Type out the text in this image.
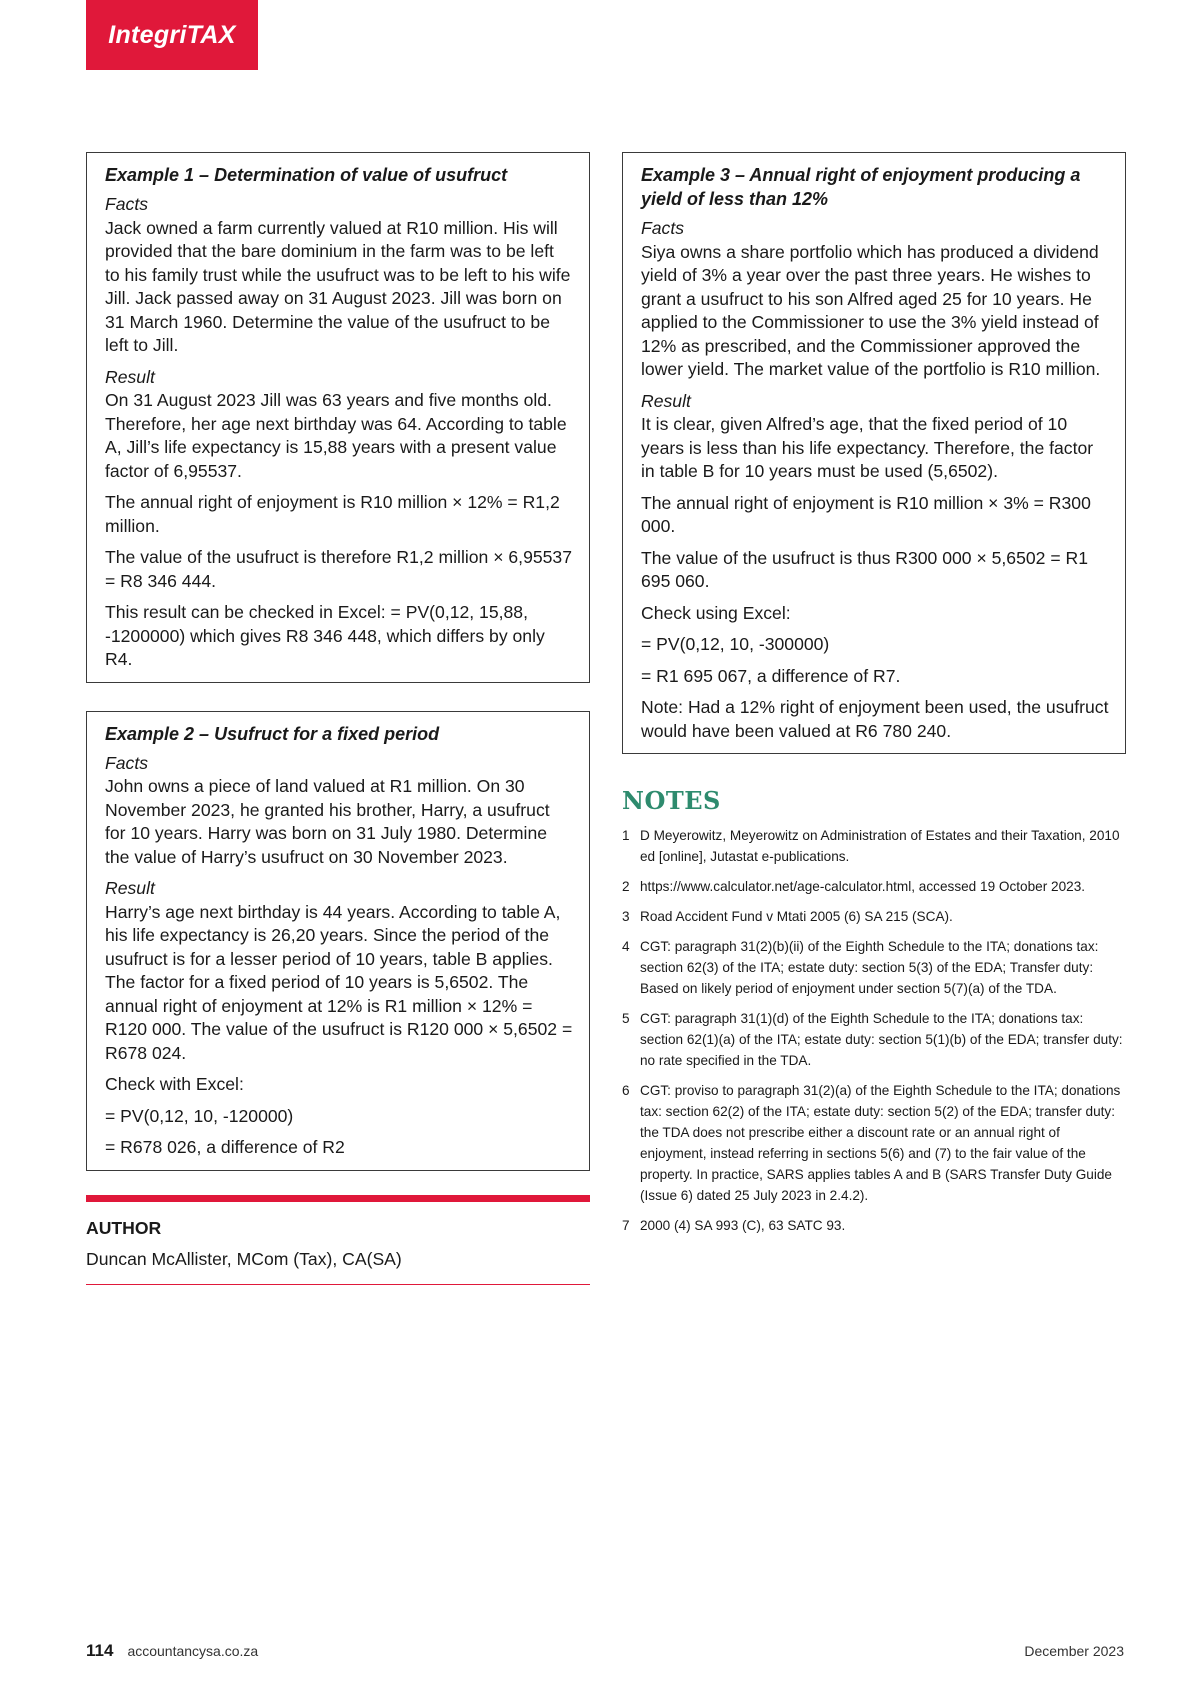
IntegriTAX
Example 1 – Determination of value of usufruct
Facts

Jack owned a farm currently valued at R10 million. His will provided that the bare dominium in the farm was to be left to his family trust while the usufruct was to be left to his wife Jill. Jack passed away on 31 August 2023. Jill was born on 31 March 1960. Determine the value of the usufruct to be left to Jill.

Result

On 31 August 2023 Jill was 63 years and five months old. Therefore, her age next birthday was 64. According to table A, Jill’s life expectancy is 15,88 years with a present value factor of 6,95537.

The annual right of enjoyment is R10 million × 12% = R1,2 million.

The value of the usufruct is therefore R1,2 million × 6,95537 = R8 346 444.

This result can be checked in Excel: = PV(0,12, 15,88, -1200000) which gives R8 346 448, which differs by only R4.

Example 2 – Usufruct for a fixed period
Facts

John owns a piece of land valued at R1 million. On 30 November 2023, he granted his brother, Harry, a usufruct for 10 years. Harry was born on 31 July 1980. Determine the value of Harry’s usufruct on 30 November 2023.

Result

Harry’s age next birthday is 44 years. According to table A, his life expectancy is 26,20 years. Since the period of the usufruct is for a lesser period of 10 years, table B applies. The factor for a fixed period of 10 years is 5,6502. The annual right of enjoyment at 12% is R1 million × 12% = R120 000. The value of the usufruct is R120 000 × 5,6502 = R678 024.

Check with Excel:

= PV(0,12, 10, -120000)

= R678 026, a difference of R2

AUTHOR
Duncan McAllister, MCom (Tax), CA(SA)
Example 3 – Annual right of enjoyment producing a yield of less than 12%
Facts

Siya owns a share portfolio which has produced a dividend yield of 3% a year over the past three years. He wishes to grant a usufruct to his son Alfred aged 25 for 10 years. He applied to the Commissioner to use the 3% yield instead of 12% as prescribed, and the Commissioner approved the lower yield. The market value of the portfolio is R10 million.

Result

It is clear, given Alfred’s age, that the fixed period of 10 years is less than his life expectancy. Therefore, the factor in table B for 10 years must be used (5,6502).

The annual right of enjoyment is R10 million × 3% = R300 000.

The value of the usufruct is thus R300 000 × 5,6502 = R1 695 060.

Check using Excel:

= PV(0,12, 10, -300000)

= R1 695 067, a difference of R7.

Note: Had a 12% right of enjoyment been used, the usufruct would have been valued at R6 780 240.

NOTES
1 D Meyerowitz, Meyerowitz on Administration of Estates and their Taxation, 2010 ed [online], Jutastat e-publications.
2 https://www.calculator.net/age-calculator.html, accessed 19 October 2023.
3 Road Accident Fund v Mtati 2005 (6) SA 215 (SCA).
4 CGT: paragraph 31(2)(b)(ii) of the Eighth Schedule to the ITA; donations tax: section 62(3) of the ITA; estate duty: section 5(3) of the EDA; Transfer duty: Based on likely period of enjoyment under section 5(7)(a) of the TDA.
5 CGT: paragraph 31(1)(d) of the Eighth Schedule to the ITA; donations tax: section 62(1)(a) of the ITA; estate duty: section 5(1)(b) of the EDA; transfer duty: no rate specified in the TDA.
6 CGT: proviso to paragraph 31(2)(a) of the Eighth Schedule to the ITA; donations tax: section 62(2) of the ITA; estate duty: section 5(2) of the EDA; transfer duty: the TDA does not prescribe either a discount rate or an annual right of enjoyment, instead referring in sections 5(6) and (7) to the fair value of the property. In practice, SARS applies tables A and B (SARS Transfer Duty Guide (Issue 6) dated 25 July 2023 in 2.4.2).
7 2000 (4) SA 993 (C), 63 SATC 93.
114 accountancysa.co.za	December 2023
